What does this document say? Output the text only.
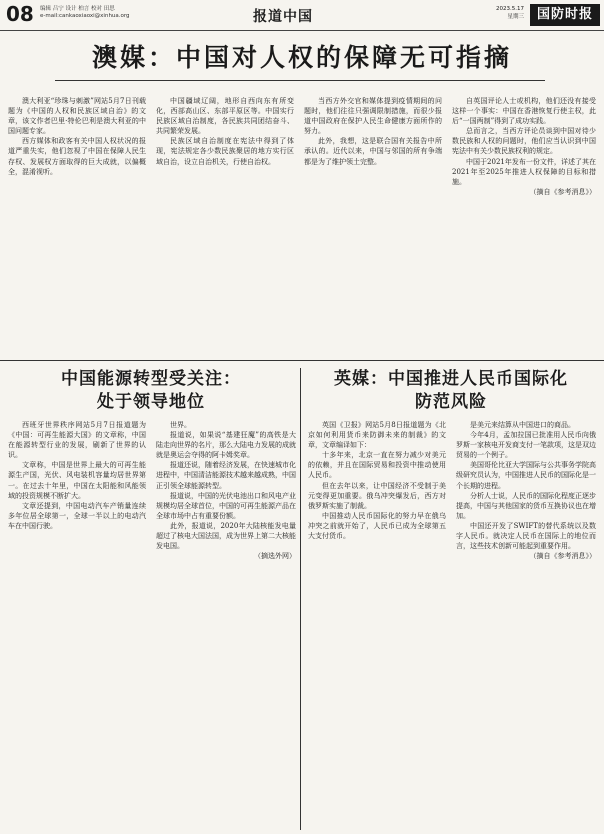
08 编辑 吕宁 设计 柏言 校对 田思
e-mail:cankaoxiaoxi@xinhua.org	报道中国	2023.5.17
星期三 国防时报
澳媒：中国对人权的保障无可指摘

澳大利亚“珍珠与刺激”网站5月7日刊载题为《中国的人权和民族区域自治》的文章，该文作者巴里·特伦巴利是澳大利亚的中国问题专家。

西方媒体和政客有关中国人权状况的报道严重失实，他们忽视了中国在保障人民生存权、发展权方面取得的巨大成就，以偏概全，混淆视听。

中国疆域辽阔，地形自西向东有所变化，西部高山区、东部平原区等。中国实行民族区域自治制度，各民族共同团结奋斗、共同繁荣发展。

民族区域自治制度在宪法中得到了体现，宪法规定各少数民族聚居的地方实行区域自治，设立自治机关，行使自治权。

当西方外交官和媒体提到疫情期间的问题时，他们往往只强调限制措施，而很少报道中国政府在保护人民生命健康方面所作的努力。

此外，我想，这是联合国有关报告中所承认的。近代以来，中国与邻国的所有争端都是为了维护领土完整。

自英国评论人士或机构，他们还没有接受这样一个事实：中国在香港恢复行使主权，此后“一国两制”得到了成功实践。

总而言之，当西方评论员谈到中国对待少数民族和人权的问题时，他们应当认识到中国宪法中有关少数民族权利的规定。

中国于2021年发布一份文件，详述了其在2021年至2025年推进人权保障的目标和措施。

（摘自《参考消息》）

中国能源转型受关注：
处于领导地位

西班牙世界秩序网站5月7日报道题为《中国：可再生能源大国》的文章称，中国在能源转型行业的发展，刷新了世界的认识。

文章称，中国是世界上最大的可再生能源生产国，光伏、风电装机容量均居世界第一。在过去十年里，中国在太阳能和风能领域的投资规模不断扩大。

文章还提到，中国电动汽车产销量连续多年位居全球第一，全球一半以上的电动汽车在中国行驶。

世界。

报道说，如果说“基建狂魔”的高铁是大陆走向世界的名片，那么大陆电力发展的成就就是奥运会夺得的阿卡姆奖章。

报道还说，随着经济发展，在快速城市化进程中，中国清洁能源技术越来越成熟，中国正引领全球能源转型。

报道说，中国的光伏电池出口和风电产业规模均居全球首位，中国的可再生能源产品在全球市场中占有重要份额。

此外，报道说，2020年大陆核能发电量超过了核电大国法国，成为世界上第二大核能发电国。

（摘选外网）

英媒：中国推进人民币国际化
防范风险

英国《卫报》网站5月8日报道题为《北京如何利用货币来防御未来的制裁》的文章，文章编译如下：

十多年来，北京一直在努力减少对美元的依赖，并且在国际贸易和投资中推动使用人民币。

但在去年以来，让中国经济不受制于美元变得更加重要。俄乌冲突爆发后，西方对俄罗斯实施了制裁。

中国推动人民币国际化的努力早在俄乌冲突之前就开始了，人民币已成为全球第五大支付货币。

是美元来结算从中国进口的商品。

今年4月，孟加拉国已批准用人民币向俄罗斯一家核电开发商支付一笔款项，这是双边贸易的一个例子。

美国哥伦比亚大学国际与公共事务学院高级研究员认为，中国推进人民币的国际化是一个长期的进程。

分析人士说，人民币的国际化程度正逐步提高，中国与其他国家的货币互换协议也在增加。

中国还开发了SWIFT的替代系统以及数字人民币。就决定人民币在国际上的地位而言，这些技术创新可能起到重要作用。

（摘自《参考消息》）
